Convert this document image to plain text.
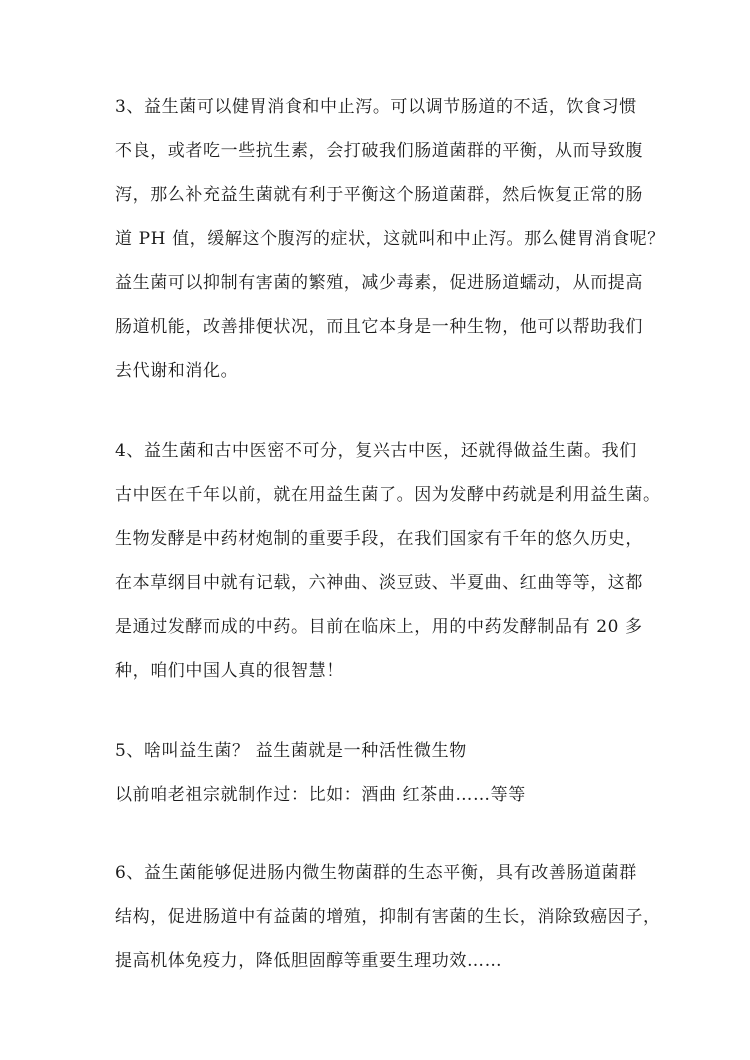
3、益生菌可以健胃消食和中止泻。可以调节肠道的不适，饮食习惯

不良，或者吃一些抗生素，会打破我们肠道菌群的平衡，从而导致腹

泻，那么补充益生菌就有利于平衡这个肠道菌群，然后恢复正常的肠

道 PH 值，缓解这个腹泻的症状，这就叫和中止泻。那么健胃消食呢？

益生菌可以抑制有害菌的繁殖，减少毒素，促进肠道蠕动，从而提高

肠道机能，改善排便状况，而且它本身是一种生物，他可以帮助我们

去代谢和消化。

4、益生菌和古中医密不可分，复兴古中医，还就得做益生菌。我们

古中医在千年以前，就在用益生菌了。因为发酵中药就是利用益生菌。

生物发酵是中药材炮制的重要手段，在我们国家有千年的悠久历史，

在本草纲目中就有记载，六神曲、淡豆豉、半夏曲、红曲等等，这都

是通过发酵而成的中药。目前在临床上，用的中药发酵制品有 20 多

种，咱们中国人真的很智慧！

5、啥叫益生菌？ 益生菌就是一种活性微生物

以前咱老祖宗就制作过：比如：酒曲 红茶曲……等等

6、益生菌能够促进肠内微生物菌群的生态平衡，具有改善肠道菌群

结构，促进肠道中有益菌的增殖，抑制有害菌的生长，消除致癌因子，

提高机体免疫力，降低胆固醇等重要生理功效……
